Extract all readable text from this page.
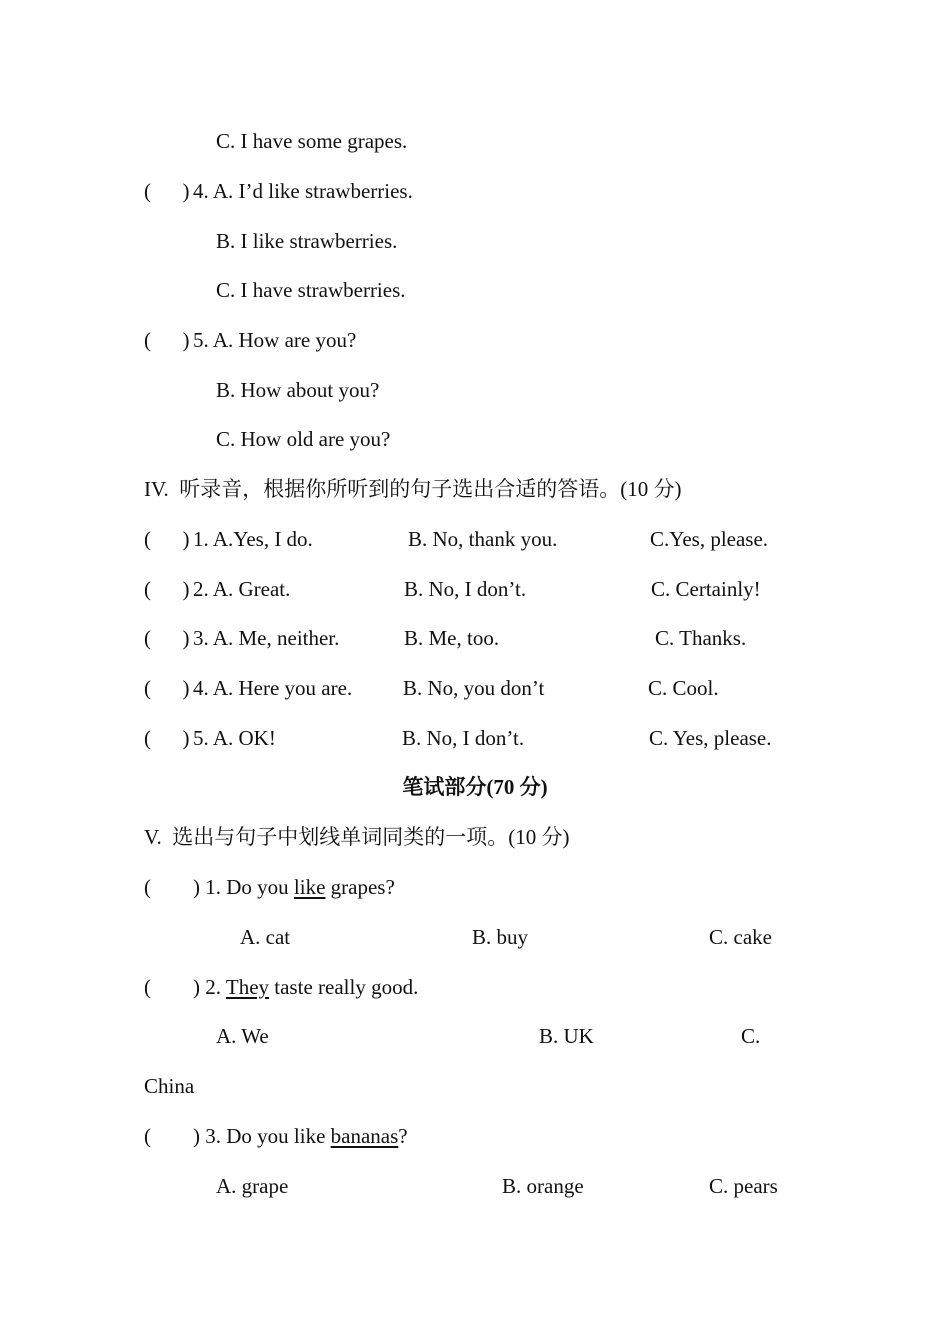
C. I have some grapes.
(      ) 4. A. I’d like strawberries.
B. I like strawberries.
C. I have strawberries.
(      ) 5. A. How are you?
B. How about you?
C. How old are you?
IV.  听录音，根据你所听到的句子选出合适的答语。(10 分)
(      ) 1. A.Yes, I do.	B. No, thank you.	C.Yes, please.
(      ) 2. A. Great.	B. No, I don’t.	C. Certainly!
(      ) 3. A. Me, neither.	B. Me, too.	C. Thanks.
(      ) 4. A. Here you are. B. No, you don’t	C. Cool.
(      ) 5. A. OK!	B. No, I don’t.	C. Yes, please.
笔试部分(70 分)
V.  选出与句子中划线单词同类的一项。(10 分)
(        ) 1. Do you like grapes?
A. cat	B. buy	C. cake
(        ) 2. They taste really good.
A. We	B. UK	C.
China
(        ) 3. Do you like bananas?
A. grape	B. orange	C. pears
